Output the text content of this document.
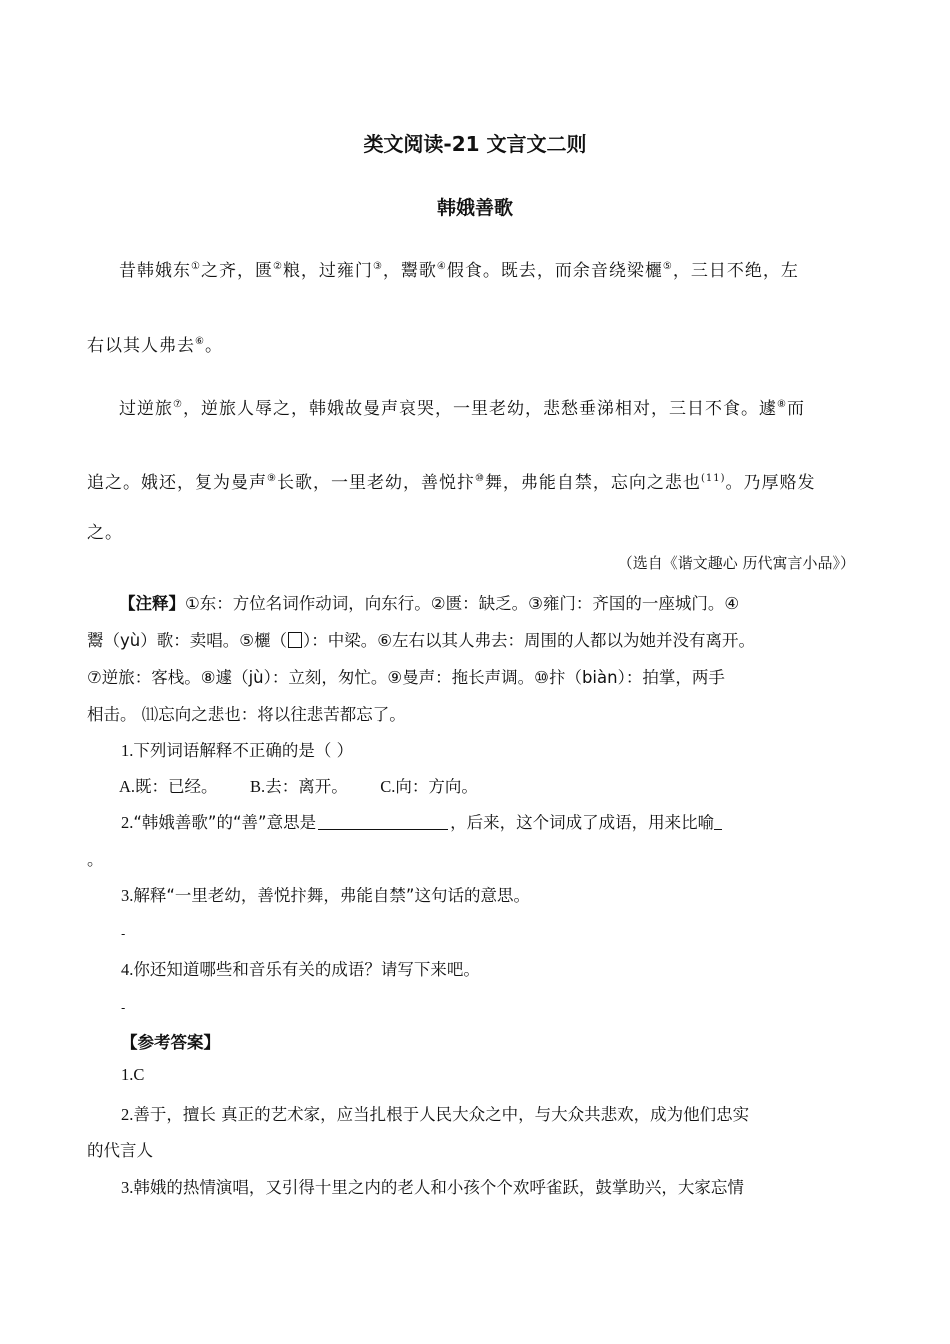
类文阅读-21 文言文二则
韩娥善歌
昔韩娥东①之齐，匮②粮，过雍门③，鬻歌④假食。既去，而余音绕梁欐⑤，三日不绝，左
右以其人弗去⑥。
过逆旅⑦，逆旅人辱之，韩娥故曼声哀哭，一里老幼，悲愁垂涕相对，三日不食。遽⑧而
追之。娥还，复为曼声⑨长歌，一里老幼，善悦抃⑩舞，弗能自禁，忘向之悲也$^{(11)}$。乃厚赂发
之。
（选自《谐文趣心 历代寓言小品》）
【注释】①东：方位名词作动词，向东行。②匮：缺乏。③雍门：齐国的一座城门。④
鬻（yù）歌：卖唱。⑤欐（ ）：中梁。⑥左右以其人弗去：周围的人都以为她并没有离开。
⑦逆旅：客栈。⑧遽（jù）：立刻，匆忙。⑨曼声：拖长声调。⑩抃（biàn）：拍掌，两手
相击。 ⑾忘向之悲也：将以往悲苦都忘了。
1.下列词语解释不正确的是（ ）
A.既：已经。 B.去：离开。 C.向：方向。
2.“韩娥善歌”的“善”意思是	，后来，这个词成了成语，用来比喻
。
3.解释“一里老幼，善悦抃舞，弗能自禁”这句话的意思。
-
4.你还知道哪些和音乐有关的成语？请写下来吧。
-
【参考答案】
1.C
2.善于，擅长 真正的艺术家，应当扎根于人民大众之中，与大众共悲欢，成为他们忠实
的代言人
3.韩娥的热情演唱，又引得十里之内的老人和小孩个个欢呼雀跃，鼓掌助兴，大家忘情
